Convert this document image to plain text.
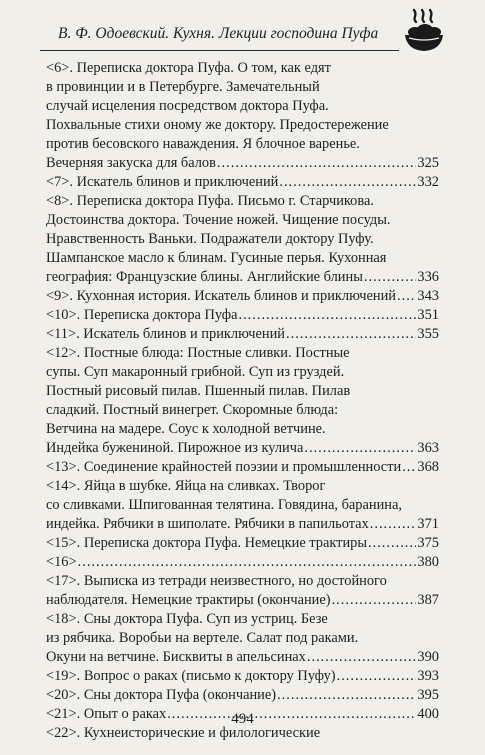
В. Ф. Одоевский. Кухня. Лекции господина Пуфа
<6>. Переписка доктора Пуфа. О том, как едят
в провинции и в Петербурге. Замечательный
случай исцеления посредством доктора Пуфа.
Похвальные стихи оному же доктору. Предостережение
против бесовского наваждения. Я блочное варенье.
Вечерняя закуска для балов .....	325
<7>. Искатель блинов и приключений .....	332
<8>. Переписка доктора Пуфа. Письмо г. Старчикова.
Достоинства доктора. Точение ножей. Чищение посуды.
Нравственность Ваньки. Подражатели доктору Пуфу.
Шампанское масло к блинам. Гусиные перья. Кухонная
география: Французские блины. Английские блины .....	336
<9>. Кухонная история. Искатель блинов и приключений ..... 343
<10>. Переписка доктора Пуфа .....	351
<11>. Искатель блинов и приключений .....	355
<12>. Постные блюда: Постные сливки. Постные
супы. Суп макаронный грибной. Суп из груздей.
Постный рисовый пилав. Пшенный пилав. Пилав
сладкий. Постный винегрет. Скоромные блюда:
Ветчина на мадере. Соус к холодной ветчине.
Индейка бужениной. Пирожное из кулича .....	363
<13>. Соединение крайностей поэзии и промышленности ..... 368
<14>. Яйца в шубке. Яйца на сливках. Творог
со сливками. Шпигованная телятина. Говядина, баранина,
индейка. Рябчики в шиполате. Рябчики в папильотах .....	371
<15>. Переписка доктора Пуфа. Немецкие трактиры .....	375
<16> .....	380
<17>. Выписка из тетради неизвестного, но достойного
наблюдателя. Немецкие трактиры (окончание) .....	387
<18>. Сны доктора Пуфа. Суп из устриц. Безе
из рябчика. Воробьи на вертеле. Салат под раками.
Окуни на ветчине. Бисквиты в апельсинах .....	390
<19>. Вопрос о раках (письмо к доктору Пуфу) .....	393
<20>. Сны доктора Пуфа (окончание) .....	395
<21>. Опыт о раках .....	400
<22>. Кухнеисторические и филологические
494
